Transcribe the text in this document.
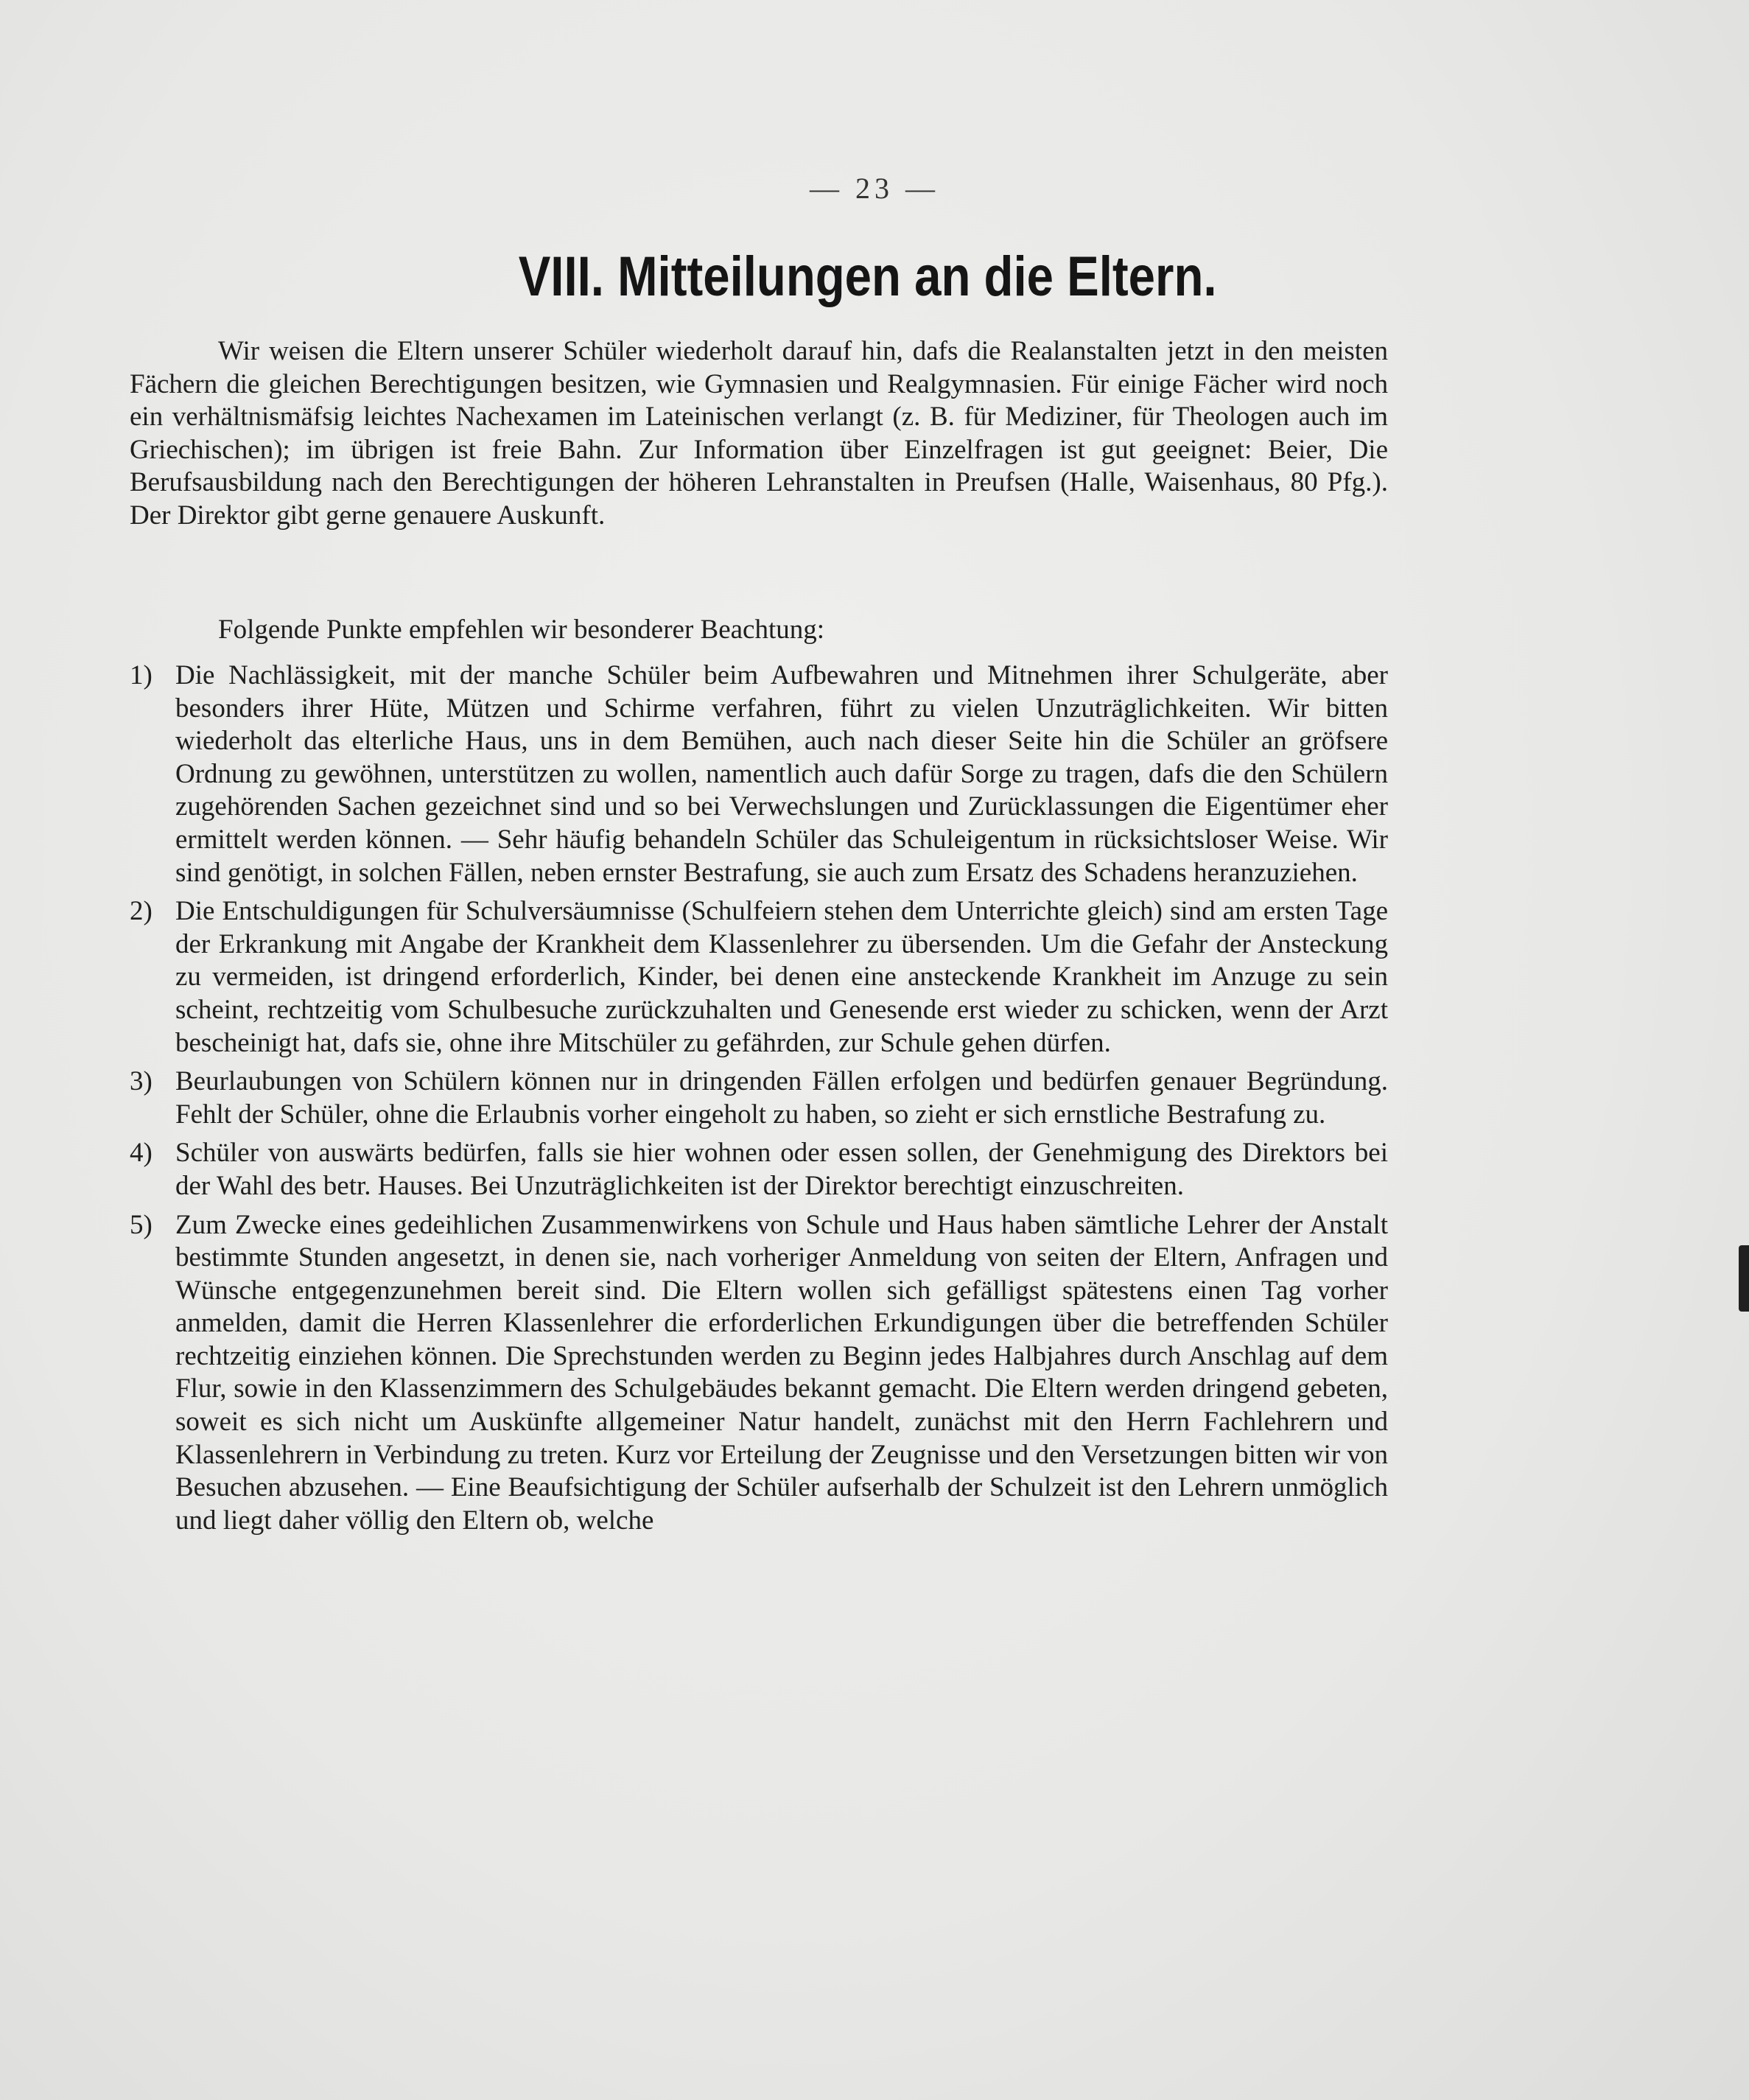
— 23 —
VIII. Mitteilungen an die Eltern.
Wir weisen die Eltern unserer Schüler wiederholt darauf hin, dafs die Realanstalten jetzt in den meisten Fächern die gleichen Berechtigungen besitzen, wie Gymnasien und Realgymnasien. Für einige Fächer wird noch ein verhältnismäfsig leichtes Nachexamen im Lateinischen verlangt (z. B. für Mediziner, für Theologen auch im Griechischen); im übrigen ist freie Bahn. Zur Information über Einzelfragen ist gut geeignet: Beier, Die Berufsausbildung nach den Berechtigungen der höheren Lehranstalten in Preufsen (Halle, Waisenhaus, 80 Pfg.). Der Direktor gibt gerne genauere Auskunft.
Folgende Punkte empfehlen wir besonderer Beachtung:
1) Die Nachlässigkeit, mit der manche Schüler beim Aufbewahren und Mitnehmen ihrer Schulgeräte, aber besonders ihrer Hüte, Mützen und Schirme verfahren, führt zu vielen Unzuträglichkeiten. Wir bitten wiederholt das elterliche Haus, uns in dem Bemühen, auch nach dieser Seite hin die Schüler an gröfsere Ordnung zu gewöhnen, unterstützen zu wollen, namentlich auch dafür Sorge zu tragen, dafs die den Schülern zugehörenden Sachen gezeichnet sind und so bei Verwechslungen und Zurücklassungen die Eigentümer eher ermittelt werden können. — Sehr häufig behandeln Schüler das Schuleigentum in rücksichtsloser Weise. Wir sind genötigt, in solchen Fällen, neben ernster Bestrafung, sie auch zum Ersatz des Schadens heranzuziehen.
2) Die Entschuldigungen für Schulversäumnisse (Schulfeiern stehen dem Unterrichte gleich) sind am ersten Tage der Erkrankung mit Angabe der Krankheit dem Klassenlehrer zu übersenden. Um die Gefahr der Ansteckung zu vermeiden, ist dringend erforderlich, Kinder, bei denen eine ansteckende Krankheit im Anzuge zu sein scheint, rechtzeitig vom Schulbesuche zurückzuhalten und Genesende erst wieder zu schicken, wenn der Arzt bescheinigt hat, dafs sie, ohne ihre Mitschüler zu gefährden, zur Schule gehen dürfen.
3) Beurlaubungen von Schülern können nur in dringenden Fällen erfolgen und bedürfen genauer Begründung. Fehlt der Schüler, ohne die Erlaubnis vorher eingeholt zu haben, so zieht er sich ernstliche Bestrafung zu.
4) Schüler von auswärts bedürfen, falls sie hier wohnen oder essen sollen, der Genehmigung des Direktors bei der Wahl des betr. Hauses. Bei Unzuträglichkeiten ist der Direktor berechtigt einzuschreiten.
5) Zum Zwecke eines gedeihlichen Zusammenwirkens von Schule und Haus haben sämtliche Lehrer der Anstalt bestimmte Stunden angesetzt, in denen sie, nach vorheriger Anmeldung von seiten der Eltern, Anfragen und Wünsche entgegenzunehmen bereit sind. Die Eltern wollen sich gefälligst spätestens einen Tag vorher anmelden, damit die Herren Klassenlehrer die erforderlichen Erkundigungen über die betreffenden Schüler rechtzeitig einziehen können. Die Sprechstunden werden zu Beginn jedes Halbjahres durch Anschlag auf dem Flur, sowie in den Klassenzimmern des Schulgebäudes bekannt gemacht. Die Eltern werden dringend gebeten, soweit es sich nicht um Auskünfte allgemeiner Natur handelt, zunächst mit den Herrn Fachlehrern und Klassenlehrern in Verbindung zu treten. Kurz vor Erteilung der Zeugnisse und den Versetzungen bitten wir von Besuchen abzusehen. — Eine Beaufsichtigung der Schüler aufserhalb der Schulzeit ist den Lehrern unmöglich und liegt daher völlig den Eltern ob, welche
